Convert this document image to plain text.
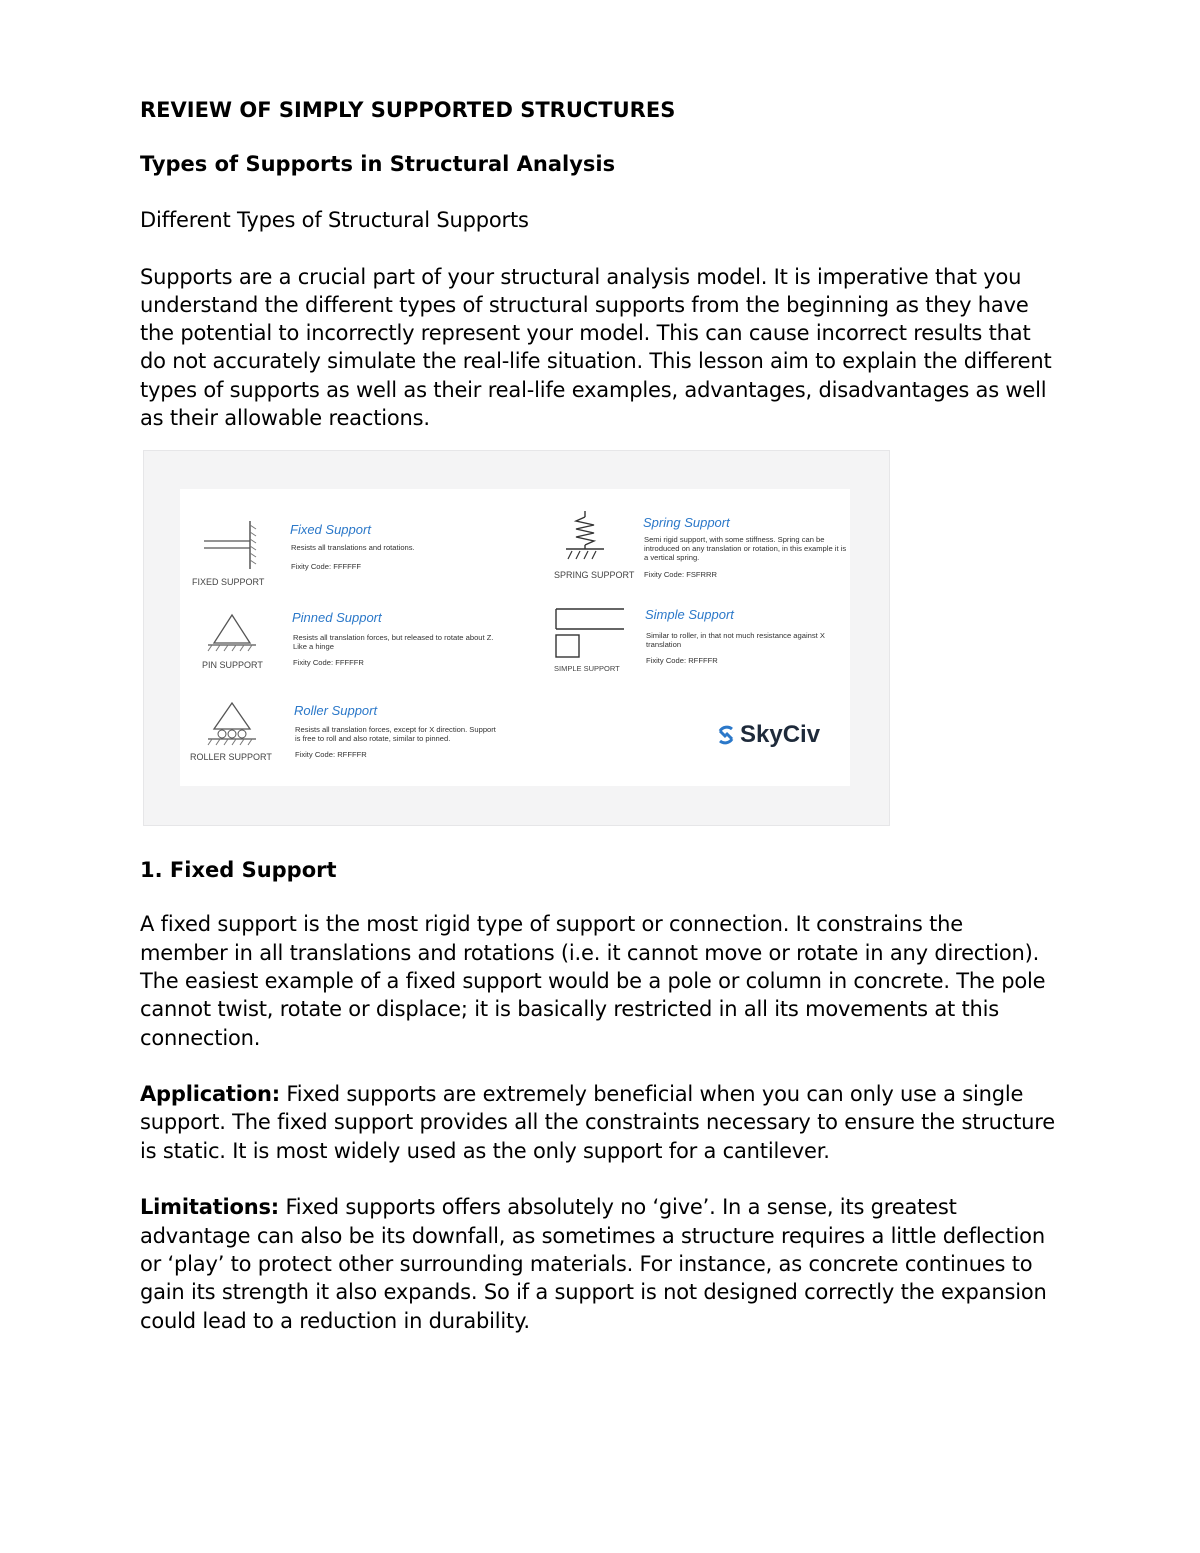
REVIEW OF SIMPLY SUPPORTED STRUCTURES

Types of Supports in Structural Analysis

Different Types of Structural Supports

Supports are a crucial part of your structural analysis model. It is imperative that you

understand the different types of structural supports from the beginning as they have

the potential to incorrectly represent your model. This can cause incorrect results that

do not accurately simulate the real-life situation. This lesson aim to explain the different

types of supports as well as their real-life examples, advantages, disadvantages as well

as their allowable reactions.

FIXED SUPPORT
Fixed Support
Resists all translations and rotations.
Fixity Code: FFFFFF
PIN SUPPORT
Pinned Support
Resists all translation forces, but released to rotate about Z. Like a hinge
Fixity Code: FFFFFR
ROLLER SUPPORT
Roller Support
Resists all translation forces, except for X direction. Support is free to roll and also rotate, similar to pinned.
Fixity Code: RFFFFR
SPRING SUPPORT
Spring Support
Semi rigid support, with some stiffness. Spring can be introduced on any translation or rotation, in this example it is a vertical spring.
Fixity Code: FSFRRR
SIMPLE SUPPORT
Simple Support
Similar to roller, in that not much resistance against X translation
Fixity Code: RFFFFR
SkyCiv

1. Fixed Support

A fixed support is the most rigid type of support or connection. It constrains the

member in all translations and rotations (i.e. it cannot move or rotate in any direction).

The easiest example of a fixed support would be a pole or column in concrete. The pole

cannot twist, rotate or displace; it is basically restricted in all its movements at this

connection.

Application: Fixed supports are extremely beneficial when you can only use a single

support. The fixed support provides all the constraints necessary to ensure the structure

is static. It is most widely used as the only support for a cantilever.

Limitations: Fixed supports offers absolutely no ‘give’. In a sense, its greatest

advantage can also be its downfall, as sometimes a structure requires a little deflection

or ‘play’ to protect other surrounding materials. For instance, as concrete continues to

gain its strength it also expands. So if a support is not designed correctly the expansion

could lead to a reduction in durability.
